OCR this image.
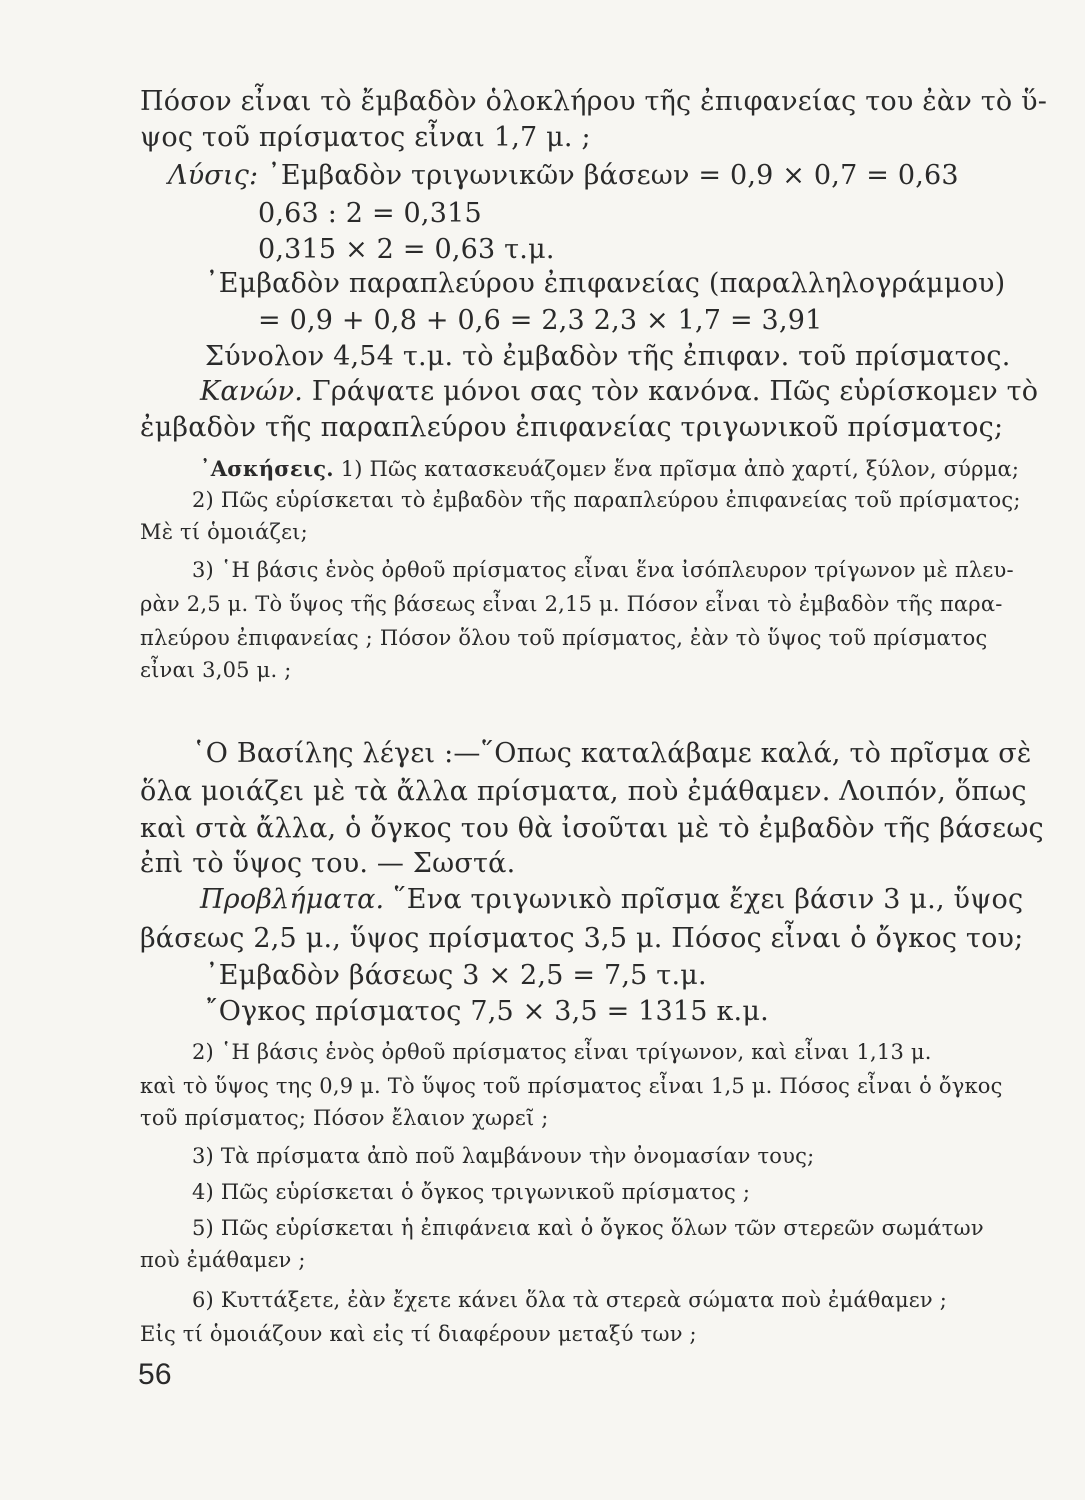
Πόσον εἶναι τὸ ἔμβαδὸν ὁλοκλήρου τῆς ἐπιφανείας του ἐὰν τὸ ὕ-
ψος τοῦ πρίσματος εἶναι 1,7 μ. ;
Λύσις: ᾿Εμβαδὸν τριγωνικῶν βάσεων = 0,9 × 0,7 = 0,63
0,63 : 2 = 0,315
0,315 × 2 = 0,63 τ.μ.
᾿Εμβαδὸν παραπλεύρου ἐπιφανείας (παραλληλογράμμου)
= 0,9 + 0,8 + 0,6 = 2,3 2,3 × 1,7 = 3,91
Σύνολον 4,54 τ.μ. τὸ ἐμβαδὸν τῆς ἐπιφαν. τοῦ πρίσματος.
Κανών. Γράψατε μόνοι σας τὸν κανόνα. Πῶς εὑρίσκομεν τὸ
ἐμβαδὸν τῆς παραπλεύρου ἐπιφανείας τριγωνικοῦ πρίσματος;
᾿Ασκήσεις. 1) Πῶς κατασκευάζομεν ἕνα πρῖσμα ἀπὸ χαρτί, ξύλον, σύρμα;
2) Πῶς εὑρίσκεται τὸ ἐμβαδὸν τῆς παραπλεύρου ἐπιφανείας τοῦ πρίσματος;
Μὲ τί ὁμοιάζει;
3) ῾Η βάσις ἑνὸς ὀρθοῦ πρίσματος εἶναι ἕνα ἰσόπλευρον τρίγωνον μὲ πλευ-
ρὰν 2,5 μ. Τὸ ὕψος τῆς βάσεως εἶναι 2,15 μ. Πόσον εἶναι τὸ ἐμβαδὸν τῆς παρα-
πλεύρου ἐπιφανείας ; Πόσον ὅλου τοῦ πρίσματος, ἐὰν τὸ ὕψος τοῦ πρίσματος
εἶναι 3,05 μ. ;
῾Ο Βασίλης λέγει :—῞Οπως καταλάβαμε καλά, τὸ πρῖσμα σὲ
ὅλα μοιάζει μὲ τὰ ἄλλα πρίσματα, ποὺ ἐμάθαμεν. Λοιπόν, ὅπως
καὶ στὰ ἄλλα, ὁ ὄγκος του θὰ ἰσοῦται μὲ τὸ ἐμβαδὸν τῆς βάσεως
ἐπὶ τὸ ὕψος του. — Σωστά.
Προβλήματα. ῞Ενα τριγωνικὸ πρῖσμα ἔχει βάσιν 3 μ., ὕψος
βάσεως 2,5 μ., ὕψος πρίσματος 3,5 μ. Πόσος εἶναι ὁ ὄγκος του;
᾿Εμβαδὸν βάσεως 3 × 2,5 = 7,5 τ.μ.
῎Ογκος πρίσματος 7,5 × 3,5 = 1315 κ.μ.
2) ῾Η βάσις ἑνὸς ὀρθοῦ πρίσματος εἶναι τρίγωνον, καὶ εἶναι 1,13 μ.
καὶ τὸ ὕψος της 0,9 μ. Τὸ ὕψος τοῦ πρίσματος εἶναι 1,5 μ. Πόσος εἶναι ὁ ὄγκος
τοῦ πρίσματος; Πόσον ἔλαιον χωρεῖ ;
3) Τὰ πρίσματα ἀπὸ ποῦ λαμβάνουν τὴν ὀνομασίαν τους;
4) Πῶς εὑρίσκεται ὁ ὄγκος τριγωνικοῦ πρίσματος ;
5) Πῶς εὑρίσκεται ἡ ἐπιφάνεια καὶ ὁ ὄγκος ὅλων τῶν στερεῶν σωμάτων
ποὺ ἐμάθαμεν ;
6) Κυττάξετε, ἐὰν ἔχετε κάνει ὅλα τὰ στερεὰ σώματα ποὺ ἐμάθαμεν ;
Εἰς τί ὁμοιάζουν καὶ εἰς τί διαφέρουν μεταξύ των ;
56
